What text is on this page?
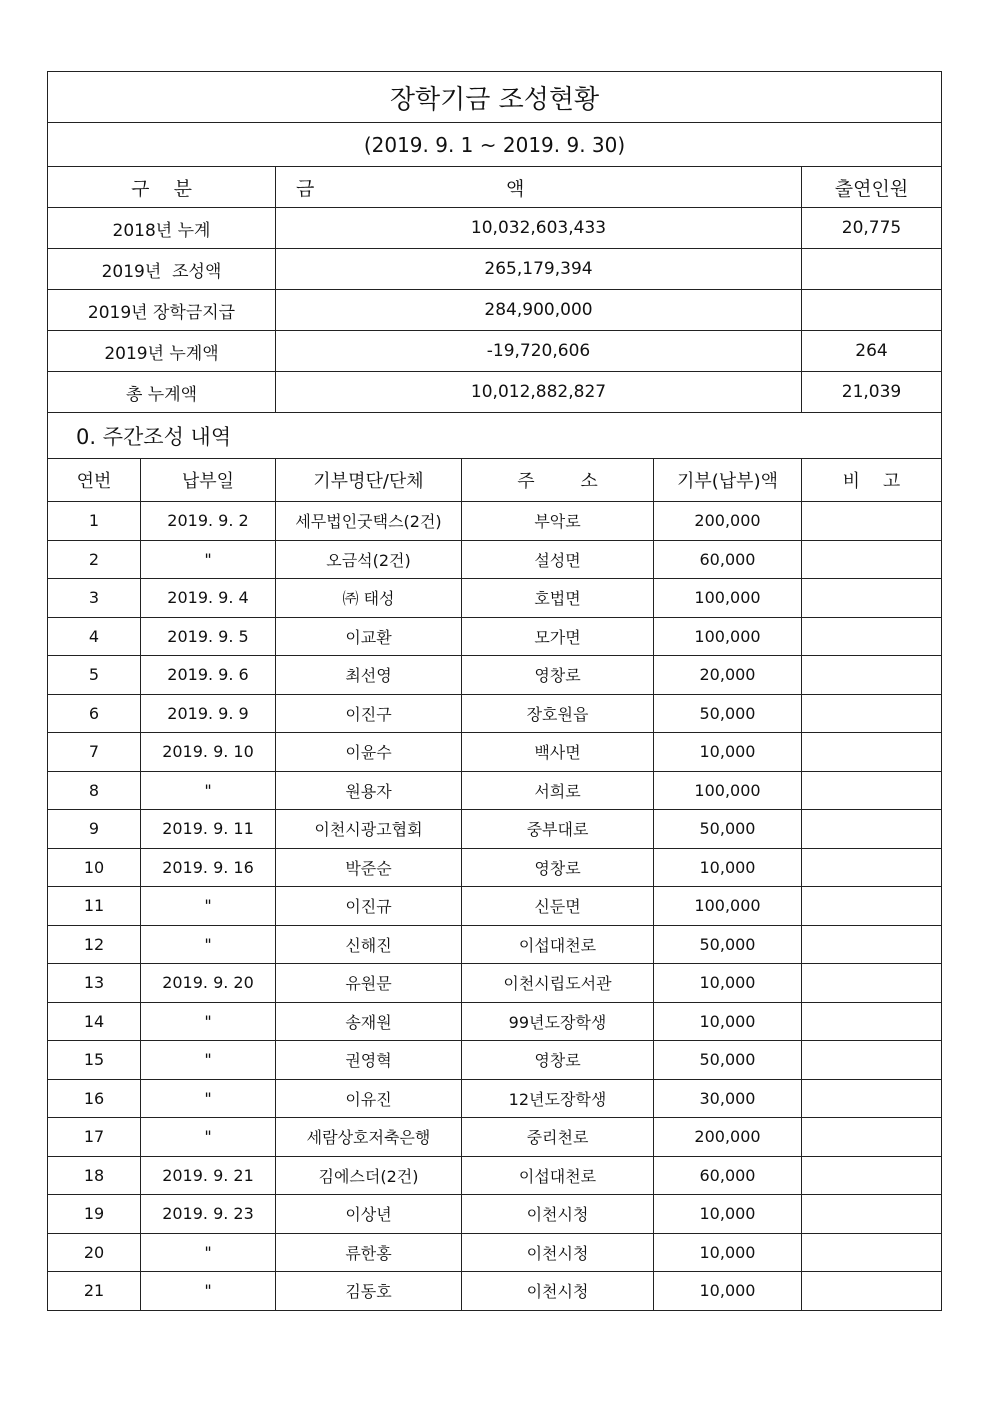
장학기금 조성현황		
(2019. 9. 1 ~ 2019. 9. 30)		
구    분	금 액	출연인원
2018년 누계	10,032,603,433	20,775
2019년  조성액	265,179,394	
2019년 장학금지급	284,900,000	
2019년 누계액	-19,720,606	264
총 누계액	10,012,882,827	21,039
0. 주간조성 내역		
연번	납부일	기부명단/단체	주        소	기부(납부)액	비    고
1	2019. 9. 2	세무법인굿택스(2건)	부악로	200,000	
2	"	오금석(2건)	설성면	60,000	
3	2019. 9. 4	㈜ 태성	호법면	100,000	
4	2019. 9. 5	이교환	모가면	100,000	
5	2019. 9. 6	최선영	영창로	20,000	
6	2019. 9. 9	이진구	장호원읍	50,000	
7	2019. 9. 10	이윤수	백사면	10,000	
8	"	원용자	서희로	100,000	
9	2019. 9. 11	이천시광고협회	중부대로	50,000	
10	2019. 9. 16	박준순	영창로	10,000	
11	"	이진규	신둔면	100,000	
12	"	신해진	이섭대천로	50,000	
13	2019. 9. 20	유원문	이천시립도서관	10,000	
14	"	송재원	99년도장학생	10,000	
15	"	권영혁	영창로	50,000	
16	"	이유진	12년도장학생	30,000	
17	"	세람상호저축은행	중리천로	200,000	
18	2019. 9. 21	김에스더(2건)	이섭대천로	60,000	
19	2019. 9. 23	이상년	이천시청	10,000	
20	"	류한홍	이천시청	10,000	
21	"	김동호	이천시청	10,000	
